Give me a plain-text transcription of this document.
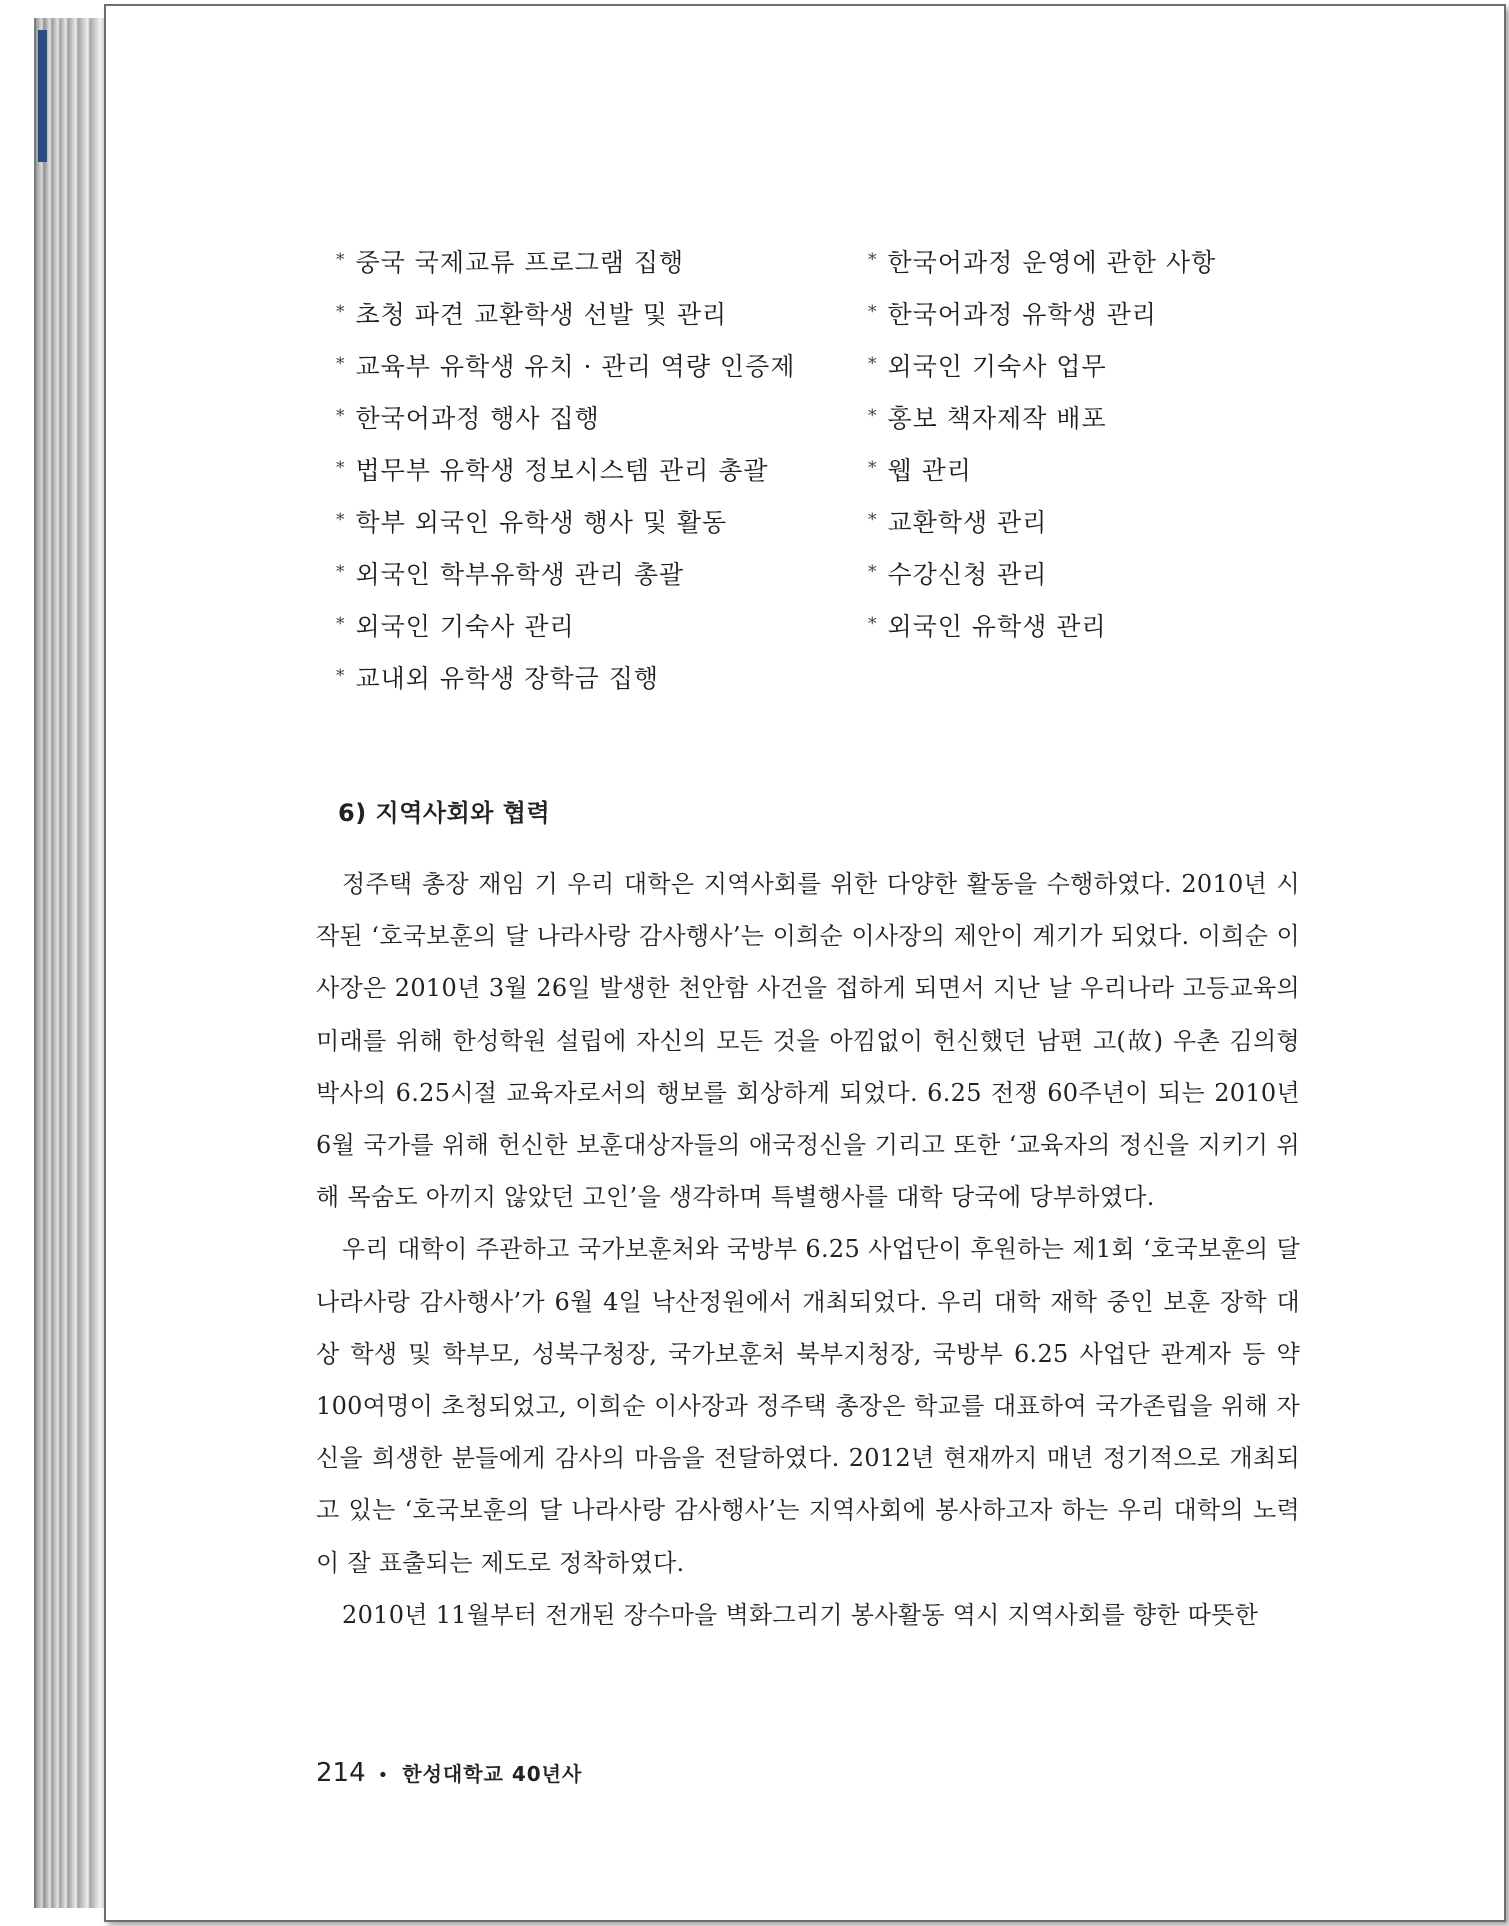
* 중국 국제교류 프로그램 집행
* 초청 파견 교환학생 선발 및 관리
* 교육부 유학생 유치 · 관리 역량 인증제
* 한국어과정 행사 집행
* 법무부 유학생 정보시스템 관리 총괄
* 학부 외국인 유학생 행사 및 활동
* 외국인 학부유학생 관리 총괄
* 외국인 기숙사 관리
* 교내외 유학생 장학금 집행
* 한국어과정 운영에 관한 사항
* 한국어과정 유학생 관리
* 외국인 기숙사 업무
* 홍보 책자제작 배포
* 웹 관리
* 교환학생 관리
* 수강신청 관리
* 외국인 유학생 관리
6) 지역사회와 협력

정주택 총장 재임 기 우리 대학은 지역사회를 위한 다양한 활동을 수행하였다. 2010년 시작된 ‘호국보훈의 달 나라사랑 감사행사’는 이희순 이사장의 제안이 계기가 되었다. 이희순 이사장은 2010년 3월 26일 발생한 천안함 사건을 접하게 되면서 지난 날 우리나라 고등교육의 미래를 위해 한성학원 설립에 자신의 모든 것을 아낌없이 헌신했던 남편 고(故) 우촌 김의형 박사의 6.25시절 교육자로서의 행보를 회상하게 되었다. 6.25 전쟁 60주년이 되는 2010년 6월 국가를 위해 헌신한 보훈대상자들의 애국정신을 기리고 또한 ‘교육자의 정신을 지키기 위해 목숨도 아끼지 않았던 고인’을 생각하며 특별행사를 대학 당국에 당부하였다.

우리 대학이 주관하고 국가보훈처와 국방부 6.25 사업단이 후원하는 제1회 ‘호국보훈의 달 나라사랑 감사행사’가 6월 4일 낙산정원에서 개최되었다. 우리 대학 재학 중인 보훈 장학 대상 학생 및 학부모, 성북구청장, 국가보훈처 북부지청장, 국방부 6.25 사업단 관계자 등 약 100여명이 초청되었고, 이희순 이사장과 정주택 총장은 학교를 대표하여 국가존립을 위해 자신을 희생한 분들에게 감사의 마음을 전달하였다. 2012년 현재까지 매년 정기적으로 개최되고 있는 ‘호국보훈의 달 나라사랑 감사행사’는 지역사회에 봉사하고자 하는 우리 대학의 노력이 잘 표출되는 제도로 정착하였다.

2010년 11월부터 전개된 장수마을 벽화그리기 봉사활동 역시 지역사회를 향한 따뜻한

214 • 한성대학교 40년사
